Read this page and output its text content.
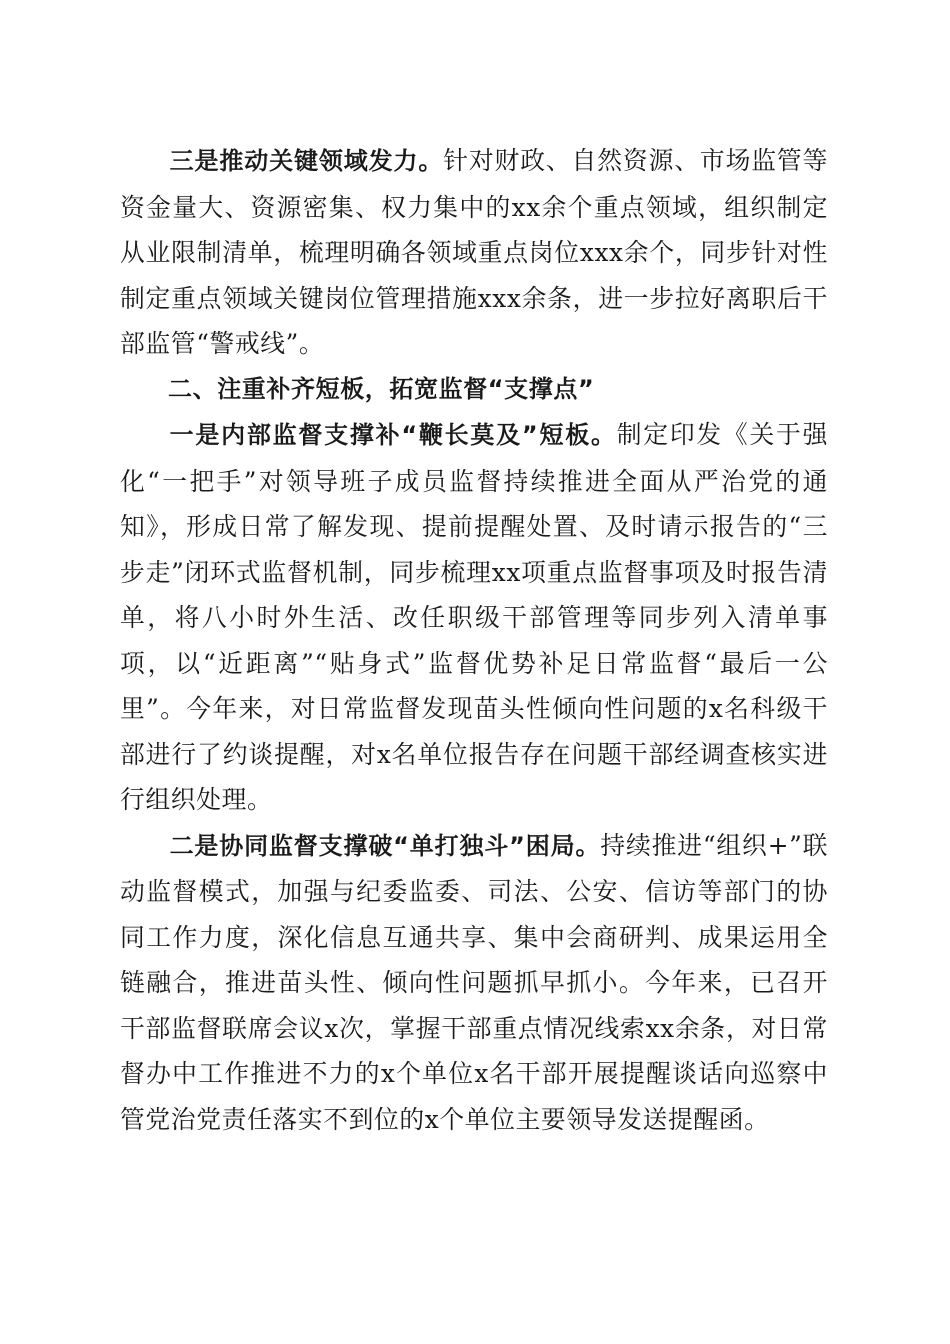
三是推动关键领域发力。针对财政、自然资源、市场监管等资金量大、资源密集、权力集中的xx余个重点领域，组织制定从业限制清单，梳理明确各领域重点岗位xxx余个，同步针对性制定重点领域关键岗位管理措施xxx余条，进一步拉好离职后干部监管“警戒线”。

二、注重补齐短板，拓宽监督“支撑点”

一是内部监督支撑补“鞭长莫及”短板。制定印发《关于强化“一把手”对领导班子成员监督持续推进全面从严治党的通知》，形成日常了解发现、提前提醒处置、及时请示报告的“三步走”闭环式监督机制，同步梳理xx项重点监督事项及时报告清单，将八小时外生活、改任职级干部管理等同步列入清单事项，以“近距离”“贴身式”监督优势补足日常监督“最后一公里”。今年来，对日常监督发现苗头性倾向性问题的x名科级干部进行了约谈提醒，对x名单位报告存在问题干部经调查核实进行组织处理。

二是协同监督支撑破“单打独斗”困局。持续推进“组织+”联动监督模式，加强与纪委监委、司法、公安、信访等部门的协同工作力度，深化信息互通共享、集中会商研判、成果运用全链融合，推进苗头性、倾向性问题抓早抓小。今年来，已召开干部监督联席会议x次，掌握干部重点情况线索xx余条，对日常督办中工作推进不力的x个单位x名干部开展提醒谈话向巡察中管党治党责任落实不到位的x个单位主要领导发送提醒函。
